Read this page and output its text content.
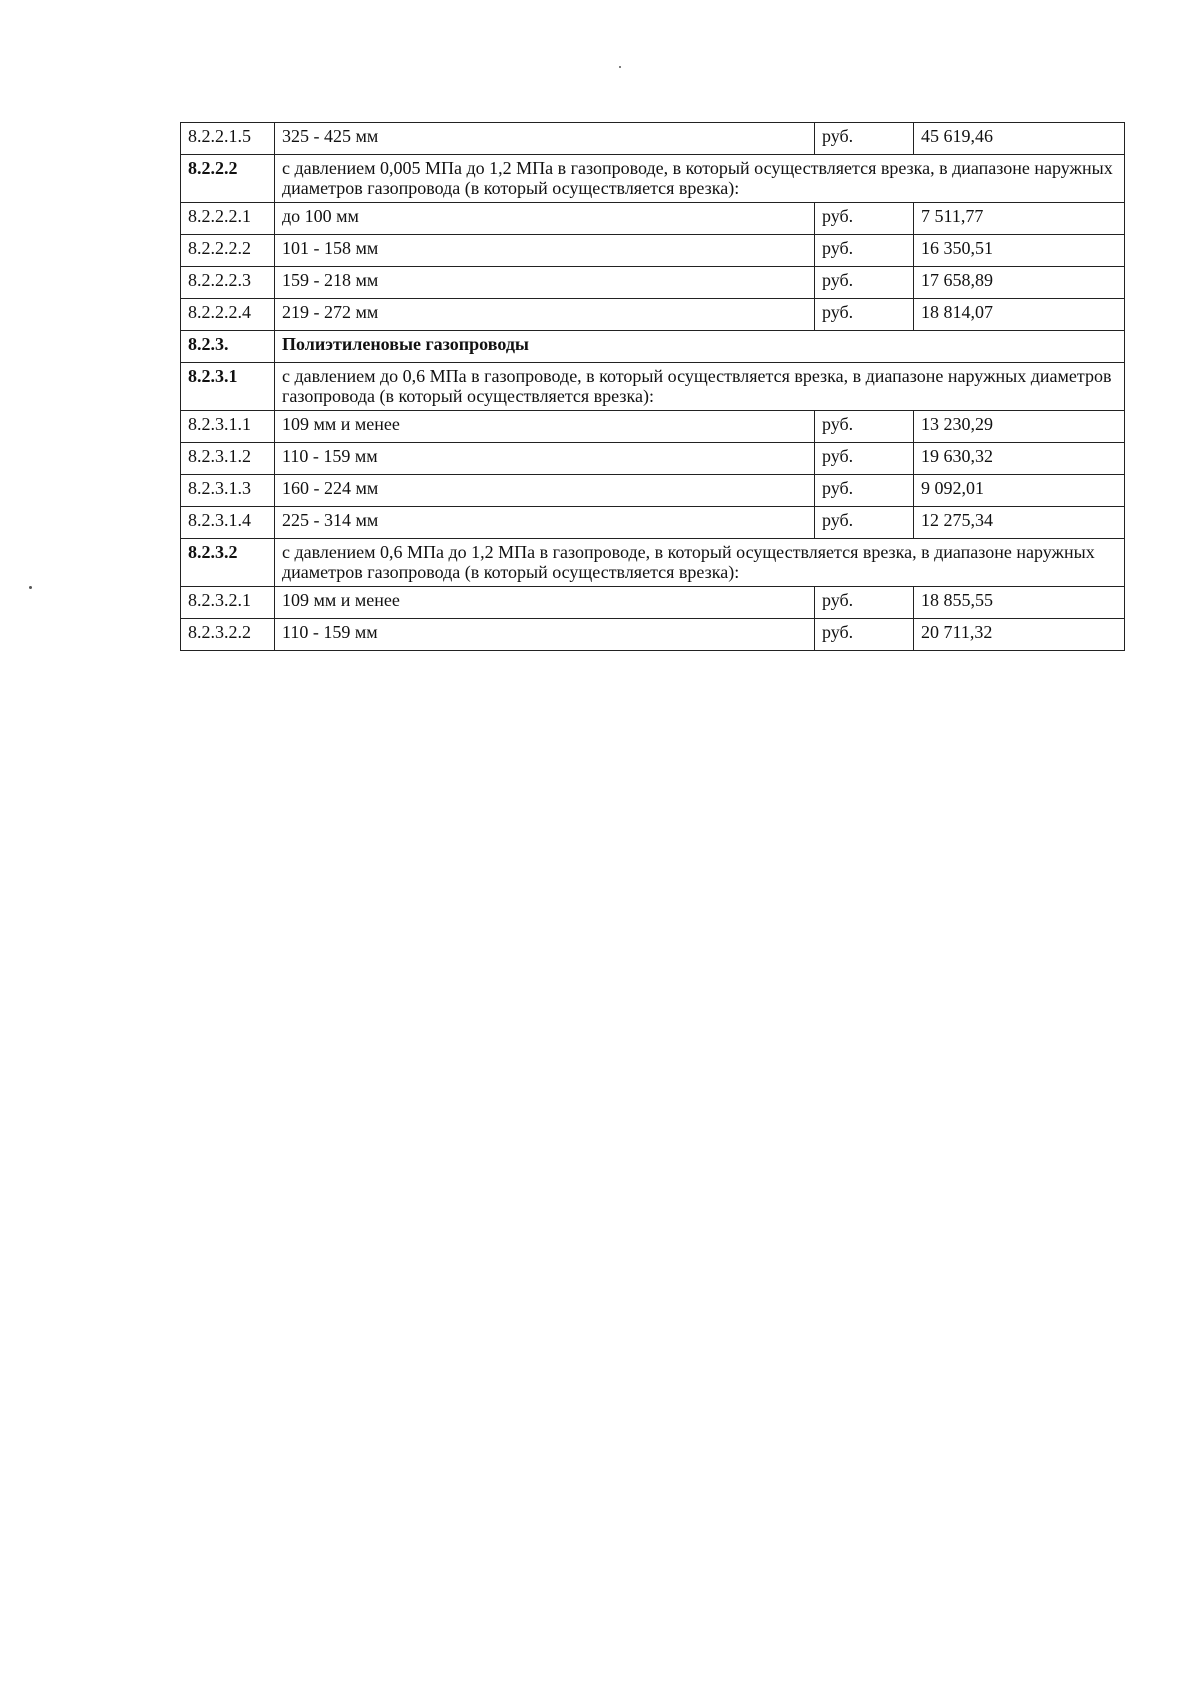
8.2.2.1.5	325 - 425 мм	руб.	45 619,46
8.2.2.2	с давлением 0,005 МПа до 1,2 МПа в газопроводе, в который осуществляется врезка, в диапазоне наружных диаметров газопровода (в который осуществляется врезка):		
8.2.2.2.1	до 100 мм	руб.	7 511,77
8.2.2.2.2	101 - 158 мм	руб.	16 350,51
8.2.2.2.3	159 - 218 мм	руб.	17 658,89
8.2.2.2.4	219 - 272 мм	руб.	18 814,07
8.2.3.	Полиэтиленовые газопроводы		
8.2.3.1	с давлением до 0,6 МПа в газопроводе, в который осуществляется врезка, в диапазоне наружных диаметров газопровода (в который осуществляется врезка):		
8.2.3.1.1	109 мм и менее	руб.	13 230,29
8.2.3.1.2	110 - 159 мм	руб.	19 630,32
8.2.3.1.3	160 - 224 мм	руб.	9 092,01
8.2.3.1.4	225 - 314 мм	руб.	12 275,34
8.2.3.2	с давлением 0,6 МПа до 1,2 МПа в газопроводе, в который осуществляется врезка, в диапазоне наружных диаметров газопровода (в который осуществляется врезка):		
8.2.3.2.1	109 мм и менее	руб.	18 855,55
8.2.3.2.2	110 - 159 мм	руб.	20 711,32
